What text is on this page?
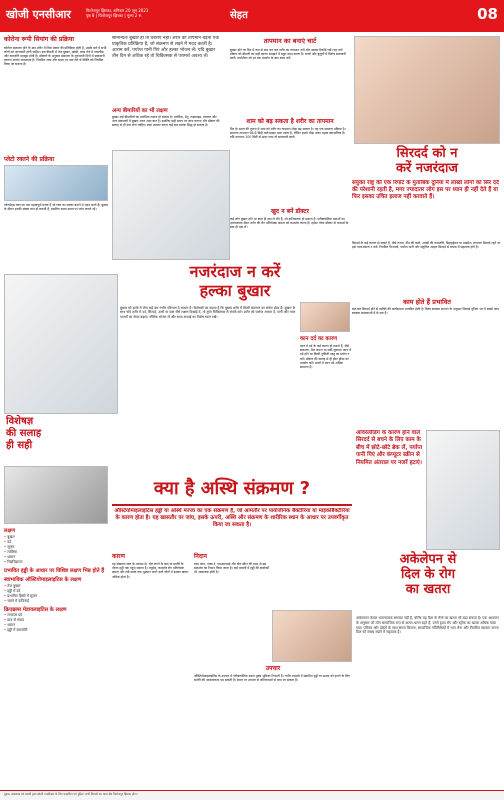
खोजी एनसीआर	फिरोजपुर झिरका, शनिवार 20 जून 2021
पृष्ठ 8 | फिरोजपुर झिरका | मूल्य 2 रु.	सेहत	08
कोरोना रूपी सियांग की प्रक्रिया
कोरोना संक्रमण होने के बाद शरीर में जिस प्रकार की प्रतिक्रिया होती है, उसके बारे में सभी लोगों को जानकारी होनी चाहिए। इस बीमारी में तेज बुखार, खांसी, सांस लेने में तकलीफ और कमजोरी महसूस होती है। डॉक्टरों के अनुसार संक्रमण के शुरुआती दिनों में सावधानी बरतना अत्यंत आवश्यक है। नियमित जांच और समय पर दवा लेने से स्थिति को नियंत्रित किया जा सकता है।
प्लेटो रक्तने की प्रक्रिया
प्लेटलेट्स रक्त का एक महत्वपूर्ण घटक हैं जो रक्त का थक्का बनाने में मदद करते हैं। बुखार के दौरान इनकी संख्या कम हो सकती है, इसलिए समय-समय पर जांच कराते रहें।
सामान्यतः बुखार हो तो घबराएं नहीं। शरीर का तापमान बढ़ना एक प्राकृतिक प्रतिक्रिया है, जो संक्रमण से लड़ने में मदद करती है। आराम करें, पर्याप्त पानी पिएं और हल्का भोजन लें। यदि बुखार तीन दिन से अधिक रहे तो चिकित्सक से परामर्श अवश्य लें।
अन्य बीमारियों का भी लक्षण
बुखार कई बीमारियों का प्रारंभिक लक्षण हो सकता है। मलेरिया, डेंगू, टाइफाइड, वायरल और अन्य संक्रमणों में बुखार आना आम बात है। इसलिए सही समय पर जांच कराना और डॉक्टर की सलाह से ही दवा लेना चाहिए। स्वयं उपचार करना कई बार घातक सिद्ध हो सकता है।
तापमान का बनाएं चार्ट
बुखार होने पर दिन में कम से कम चार बार शरीर का तापमान नापें और उसका रिकॉर्ड रखें। यह चार्ट डॉक्टर को बीमारी का सही कारण समझने में बहुत मदद करता है। बच्चों और बुजुर्गों में विशेष सावधानी बरतें। थर्मामीटर को हर बार उपयोग के बाद साफ करें।
शाम को बढ़ सकता है शरीर का तापमान
दिन के समय की तुलना में शाम को शरीर का तापमान थोड़ा बढ़ सकता है। यह एक सामान्य प्रक्रिया है। सामान्य तापमान 98.6 डिग्री फारेनहाइट माना जाता है, लेकिन इसमें थोड़ा उतार-चढ़ाव स्वाभाविक है। यदि तापमान 100 डिग्री से ऊपर जाए तो सावधानी बरतें।
खुद न बनें डॉक्टर
कई लोग बुखार होने पर स्वयं ही दवा ले लेते हैं, जो हानिकारक हो सकता है। एंटीबायोटिक दवाओं का अनावश्यक सेवन शरीर की रोग प्रतिरोधक क्षमता को कमजोर करता है। हमेशा योग्य डॉक्टर से परामर्श के बाद ही दवा लें।
सिरदर्द को न
करें नजरंदाज
संयुक्त राष्ट्र की एक रिपोर्ट के मुताबिक दुनिया में लाखों लोगों को सिर दर्द की परेशानी रहती है, मगर ज्यादातर लोग इस पर ध्यान ही नहीं देते हैं या फिर इसका उचित इलाज नहीं करवाते हैं।
सिरदर्द के कई कारण हो सकते हैं, जैसे तनाव, नींद की कमी, आंखों की कमजोरी, डिहाइड्रेशन या माइग्रेन। लगातार सिरदर्द रहने पर इसे नजरअंदाज न करें। नियमित दिनचर्या, पर्याप्त पानी और संतुलित आहार सिरदर्द से बचाव में सहायक होते हैं।
काम होते हैं प्रभावित
बार-बार सिरदर्द होने से व्यक्ति की कार्यक्षमता प्रभावित होती है। विश्व स्वास्थ्य संगठन के अनुसार सिरदर्द दुनिया भर में सबसे आम स्वास्थ्य समस्याओं में से एक है।
नजरंदाज न करें
हल्का बुखार
कान दर्द का कारण
कान में दर्द के कई कारण हो सकते हैं, जैसे संक्रमण, मैल जमना या सर्दी-जुकाम। कान में दर्द होने पर किसी नुकीली वस्तु का प्रयोग न करें। डॉक्टर की सलाह से ही ईयर ड्रॉप्स का उपयोग करें। बच्चों में कान दर्द अधिक सामान्य है।
बुखार को हल्के में लेना कई बार गंभीर परिणाम दे सकता है। विशेषज्ञों का कहना है कि बुखार शरीर में किसी संक्रमण का संकेत होता है। बुखार के साथ यदि शरीर में दर्द, सिरदर्द, उल्टी या दस्त जैसे लक्षण दिखाई दें, तो तुरंत चिकित्सक से संपर्क करें। शरीर को पर्याप्त आराम दें, पानी और तरल पदार्थों का सेवन बढ़ाएं। पौष्टिक भोजन लें और साफ-सफाई का विशेष ध्यान रखें।
विशेषज्ञ
की सलाह
ही सही
क्या है अस्थि संक्रमण ?
ऑस्टियोमाइलाइटिस हड्डी या अस्थि मज्जा का एक संक्रमण है, जो आमतौर पर पायोजेनिक बैक्टीरिया या माइकोबैक्टीरिया के कारण होता है। यह खासतौर पर जांघ, इसके ऊपरी, अस्थि और संक्रमण के शारीरिक स्थान के आधार पर उपवर्गीकृत किया जा सकता है।
ओवरलोडिंग के कारण होने वाले सिरदर्द से बचने के लिए काम के बीच में छोटे-छोटे ब्रेक लें, पर्याप्त पानी पिएं और कंप्यूटर स्क्रीन से नियमित अंतराल पर नजरें हटाएं।
लक्षण
• बुखार
• दर्द
• सूजन
• लालिमा
• थकान
• चिड़चिड़ापन
प्रभावित हड्डी के आधार पर विशिष्ट लक्षण भिन्न होते हैं
स्वाभाविक ऑस्टियोमाइलाइटिस के लक्षण
• तेज बुखार
• हड्डी में दर्द
• प्रभावित हिस्से में सूजन
• चलने में कठिनाई
क्रिएब्रल्स मेडायलाइटिस के लक्षण
• लगातार दर्द
• घाव से मवाद
• थकान
• हड्डी में कमजोरी
कारण
यह संक्रमण रक्त के माध्यम से, चोट लगने के बाद या सर्जरी के दौरान हड्डी तक पहुंच सकता है। मधुमेह, कमजोर रोग प्रतिरोधक क्षमता और लंबे समय तक धूम्रपान करने वाले लोगों में इसका खतरा अधिक होता है।
निदान
रक्त जांच, एक्स-रे, एमआरआई और बोन स्कैन की मदद से इस संक्रमण का निदान किया जाता है। कई मामलों में हड्डी की बायोप्सी भी आवश्यक होती है।
उपचार
ऑस्टियोमाइलाइटिस के उपचार में एंटीबायोटिक दवाएं मुख्य भूमिका निभाती हैं। गंभीर मामलों में संक्रमित हड्डी या ऊतक को हटाने के लिए सर्जरी की आवश्यकता पड़ सकती है। समय पर उपचार से जटिलताओं से बचा जा सकता है।
अकेलेपन से
दिल के रोग
का खतरा
अकेलापन केवल भावनात्मक समस्या नहीं है, बल्कि यह दिल के रोगों का खतरा भी बढ़ा सकता है। एक अध्ययन के अनुसार जो लोग सामाजिक रूप से अलग-थलग रहते हैं, उनमें हृदय रोग और स्ट्रोक का खतरा अधिक पाया गया। परिवार और दोस्तों के साथ समय बिताना, सामाजिक गतिविधियों में भाग लेना और नियमित व्यायाम करना दिल को स्वस्थ रखने में सहायक है।
मुद्रक, प्रकाशक एवं स्वामी द्वारा खोजी एनसीआर के लिए प्रकाशित एवं मुद्रित। सभी विवादों का न्याय क्षेत्र फिरोजपुर झिरका होगा।
